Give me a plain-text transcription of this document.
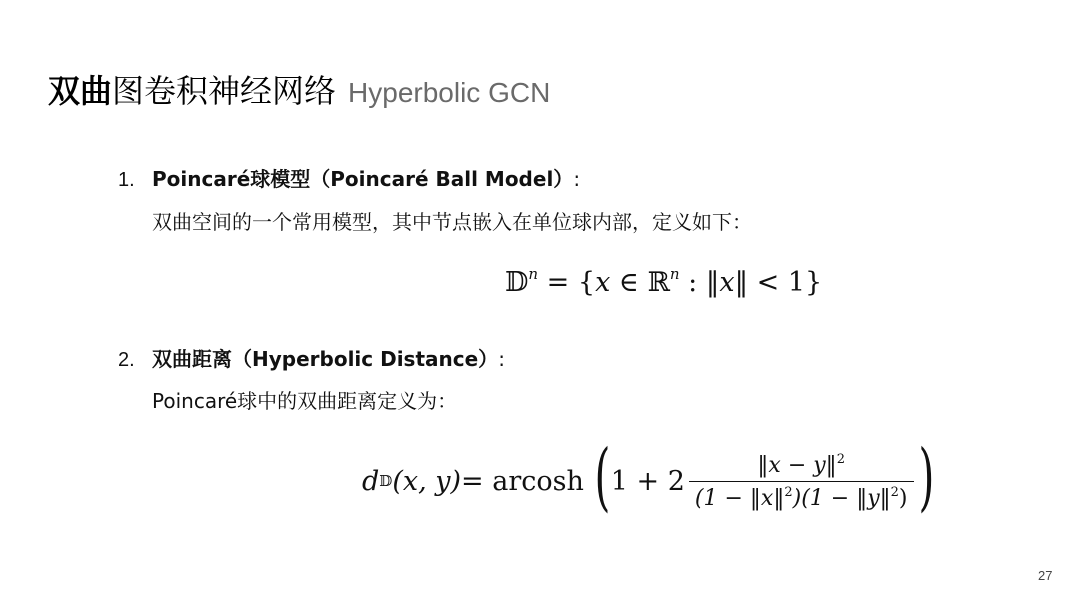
双曲图卷积神经网络 Hyperbolic GCN
1. Poincaré球模型（Poincaré Ball Model）:
双曲空间的一个常用模型，其中节点嵌入在单位球内部，定义如下：
𝔻$^n$ = {x ∈ ℝ$^n$ : ‖x‖ < 1}
2. 双曲距离（Hyperbolic Distance）:
Poincaré球中的双曲距离定义为：
d 𝔻 (x, y) = arcosh ( $1 + 2 \frac{‖x - y‖^2}{(1 - ‖x‖^2)(1 - ‖y‖^2)}$ )
27
